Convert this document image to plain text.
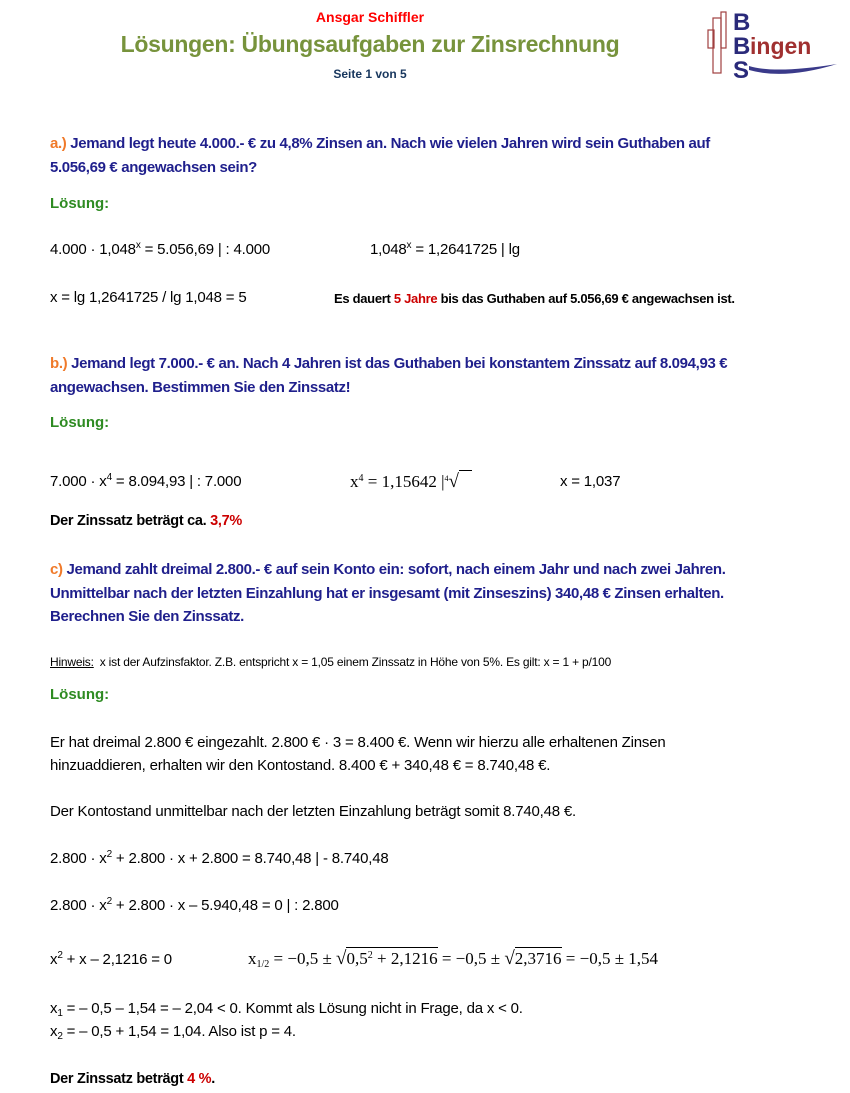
Ansgar Schiffler
Lösungen: Übungsaufgaben zur Zinsrechnung
Seite 1 von 5
B
B ingen
S
a.) Jemand legt heute 4.000.- € zu 4,8% Zinsen an. Nach wie vielen Jahren wird sein Guthaben auf
5.056,69 € angewachsen sein?
Lösung:
$4.000 \cdot 1,048^x = 5.056,69$ | : 4.000	$1,048^x = 1,2641725$ | lg
x = lg 1,2641725 / lg 1,048 = 5	Es dauert 5 Jahre bis das Guthaben auf 5.056,69 € angewachsen ist.
b.) Jemand legt 7.000.- € an. Nach 4 Jahren ist das Guthaben bei konstantem Zinssatz auf 8.094,93 €
angewachsen. Bestimmen Sie den Zinssatz!
Lösung:
$7.000 \cdot x^4 = 8.094,93$ | : 7.000	$x^4 = 1,15642$ $|^4√$	x = 1,037
Der Zinssatz beträgt ca. 3,7%
c) Jemand zahlt dreimal 2.800.- € auf sein Konto ein: sofort, nach einem Jahr und nach zwei Jahren.
Unmittelbar nach der letzten Einzahlung hat er insgesamt (mit Zinseszins) 340,48 € Zinsen erhalten.
Berechnen Sie den Zinssatz.
Hinweis: x ist der Aufzinsfaktor. Z.B. entspricht x = 1,05 einem Zinssatz in Höhe von 5%. Es gilt: x = 1 + p/100
Lösung:
Er hat dreimal 2.800 € eingezahlt. 2.800 € · 3 = 8.400 €. Wenn wir hierzu alle erhaltenen Zinsen
hinzuaddieren, erhalten wir den Kontostand. 8.400 € + 340,48 € = 8.740,48 €.
Der Kontostand unmittelbar nach der letzten Einzahlung beträgt somit 8.740,48 €.
$2.800 \cdot x^2 + 2.800 \cdot x + 2.800 = 8.740,48$ | - 8.740,48
$2.800 \cdot x^2 + 2.800 \cdot x - 5.940,48 = 0$ | : 2.800
$x^2 + x - 2,1216 = 0$	$x_{1/2} = -0,5 \pm √0,5^2 + 2,1216 = -0,5 \pm √2,3716 = -0,5 \pm 1,54$
$x_1$ = – 0,5 – 1,54 = – 2,04 < 0. Kommt als Lösung nicht in Frage, da x < 0.
$x_2$ = – 0,5 + 1,54 = 1,04. Also ist p = 4.
Der Zinssatz beträgt 4 %.
